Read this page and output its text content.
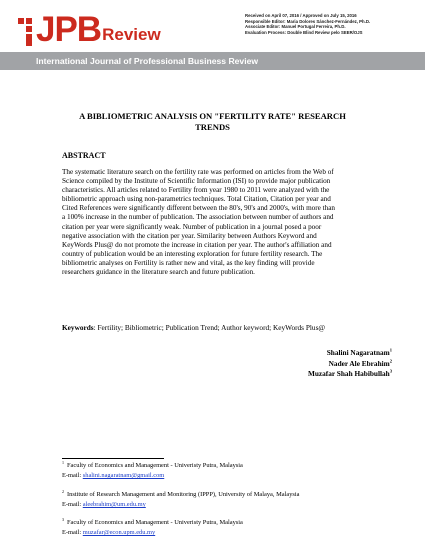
JPB Review
Received on April 07, 2016 / Approved on July 15, 2016
Responsible Editor: Maria Dolores Sánchez-Fernández, Ph.D.
Associate Editor: Manuel Portugal Ferreira, Ph.D.
Evaluation Process: Double Blind Review pelo SEER/OJS
International Journal of Professional Business Review
A BIBLIOMETRIC ANALYSIS ON "FERTILITY RATE" RESEARCH
TRENDS
ABSTRACT

The systematic literature search on the fertility rate was performed on articles from the Web of
Science compiled by the Institute of Scientific Information (ISI) to provide major publication
characteristics. All articles related to Fertility from year 1980 to 2011 were analyzed with the
bibliometric approach using non-parametrics techniques. Total Citation, Citation per year and
Cited References were significantly different between the 80's, 90's and 2000's, with more than
a 100% increase in the number of publication. The association between number of authors and
citation per year were significantly weak. Number of publication in a journal posed a poor
negative association with the citation per year. Similarity between Authors Keyword and
KeyWords Plus@ do not promote the increase in citation per year. The author's affiliation and
country of publication would be an interesting exploration for future fertility research. The
bibliometric analyses on Fertility is rather new and vital, as the key finding will provide
researchers guidance in the literature search and future publication.

Keywords: Fertility; Bibliometric; Publication Trend; Author keyword; KeyWords Plus@
Shalini Nagaratnam$^1$
Nader Ale Ebrahim$^2$
Muzafar Shah Habibullah$^3$
$^1$ Faculty of Economics and Management - Univeristy Putra, Malaysia
E-mail: shalini.nagaratnam@gmail.com
$^2$ Institute of Research Management and Monitoring (IPPP), University of Malaya, Malaysia
E-mail: aleebrahim@um.edu.my
$^3$ Faculty of Economics and Management - Univeristy Putra, Malaysia
E-mail: muzafar@econ.upm.edu.my
